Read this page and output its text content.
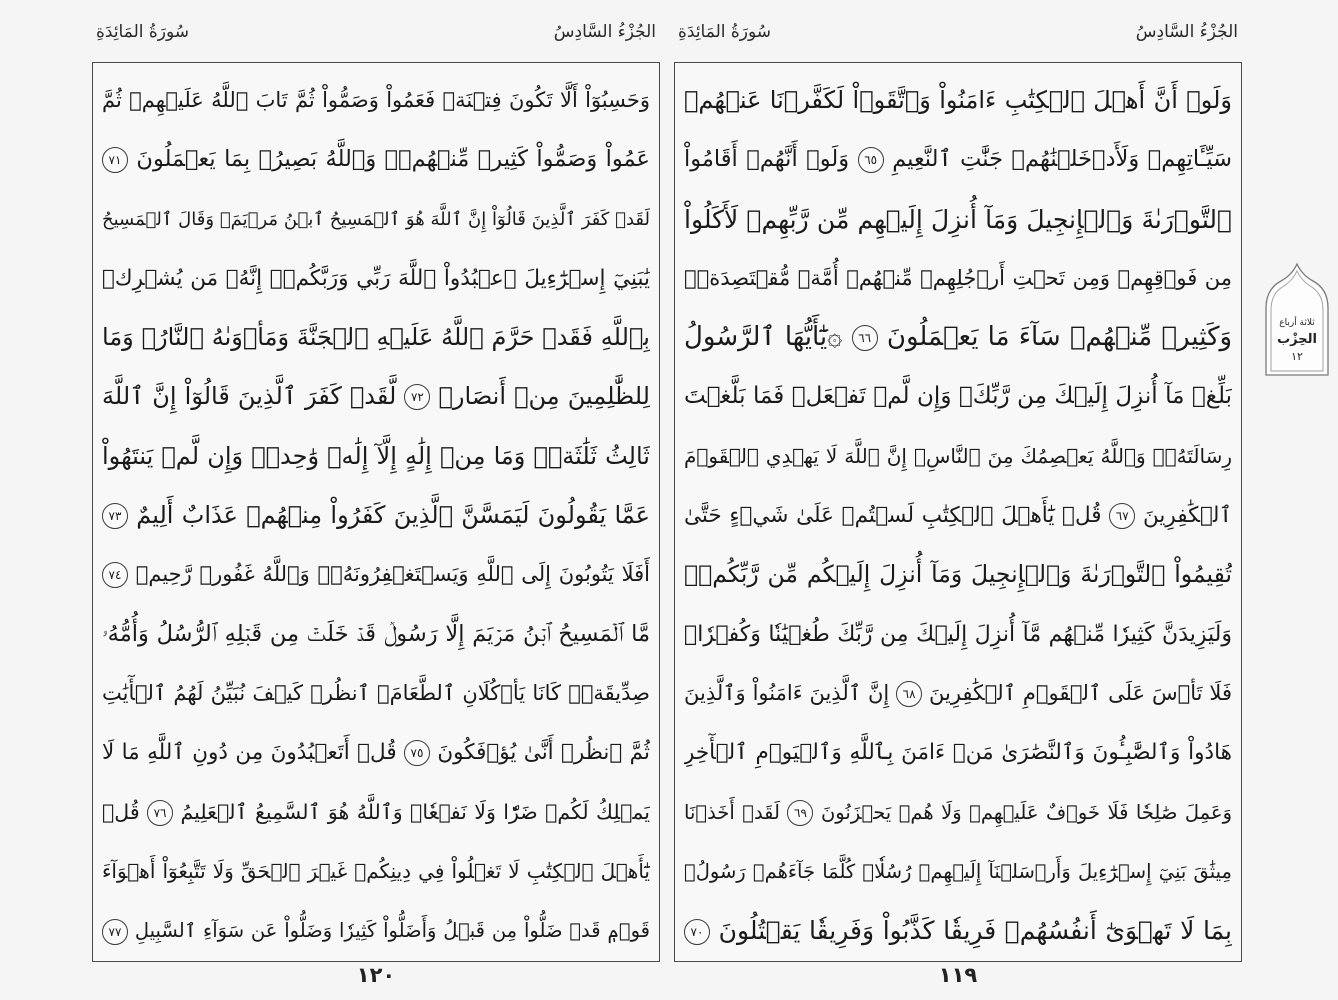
سُورَةُ المَائِدَةِ	الجُزْءُ السَّادِسُ
وَحَسِبُوٓاْ أَلَّا تَكُونَ فِتۡنَةٞ فَعَمُواْ وَصَمُّواْ ثُمَّ تَابَ ٱللَّهُ عَلَيۡهِمۡ ثُمَّ
عَمُواْ وَصَمُّواْ كَثِيرٞ مِّنۡهُمۡۚ وَٱللَّهُ بَصِيرُۢ بِمَا يَعۡمَلُونَ ٧١
لَقَدۡ كَفَرَ ٱلَّذِينَ قَالُوٓاْ إِنَّ ٱللَّهَ هُوَ ٱلۡمَسِيحُ ٱبۡنُ مَرۡيَمَۖ وَقَالَ ٱلۡمَسِيحُ
يَٰبَنِيٓ إِسۡرَٰٓءِيلَ ٱعۡبُدُواْ ٱللَّهَ رَبِّي وَرَبَّكُمۡۖ إِنَّهُۥ مَن يُشۡرِكۡ
بِٱللَّهِ فَقَدۡ حَرَّمَ ٱللَّهُ عَلَيۡهِ ٱلۡجَنَّةَ وَمَأۡوَىٰهُ ٱلنَّارُۖ وَمَا
لِلظَّٰلِمِينَ مِنۡ أَنصَارٖ ٧٢ لَّقَدۡ كَفَرَ ٱلَّذِينَ قَالُوٓاْ إِنَّ ٱللَّهَ
ثَالِثُ ثَلَٰثَةٖۘ وَمَا مِنۡ إِلَٰهٍ إِلَّآ إِلَٰهٞ وَٰحِدٞۚ وَإِن لَّمۡ يَنتَهُواْ
عَمَّا يَقُولُونَ لَيَمَسَّنَّ ٱلَّذِينَ كَفَرُواْ مِنۡهُمۡ عَذَابٌ أَلِيمٌ ٧٣
أَفَلَا يَتُوبُونَ إِلَى ٱللَّهِ وَيَسۡتَغۡفِرُونَهُۥۚ وَٱللَّهُ غَفُورٞ رَّحِيمٞ ٧٤
مَّا ٱلۡمَسِيحُ ٱبۡنُ مَرۡيَمَ إِلَّا رَسُولٞ قَدۡ خَلَتۡ مِن قَبۡلِهِ ٱلرُّسُلُ وَأُمُّهُۥ
صِدِّيقَةٞۖ كَانَا يَأۡكُلَانِ ٱلطَّعَامَۗ ٱنظُرۡ كَيۡفَ نُبَيِّنُ لَهُمُ ٱلۡأٓيَٰتِ
ثُمَّ ٱنظُرۡ أَنَّىٰ يُؤۡفَكُونَ ٧٥ قُلۡ أَتَعۡبُدُونَ مِن دُونِ ٱللَّهِ مَا لَا
يَمۡلِكُ لَكُمۡ ضَرّٗا وَلَا نَفۡعٗاۚ وَٱللَّهُ هُوَ ٱلسَّمِيعُ ٱلۡعَلِيمُ ٧٦ قُلۡ
يَٰٓأَهۡلَ ٱلۡكِتَٰبِ لَا تَغۡلُواْ فِي دِينِكُمۡ غَيۡرَ ٱلۡحَقِّ وَلَا تَتَّبِعُوٓاْ أَهۡوَآءَ
قَوۡمٖ قَدۡ ضَلُّواْ مِن قَبۡلُ وَأَضَلُّواْ كَثِيرٗا وَضَلُّواْ عَن سَوَآءِ ٱلسَّبِيلِ ٧٧
١٢٠
سُورَةُ المَائِدَةِ	الجُزْءُ السَّادِسُ
وَلَوۡ أَنَّ أَهۡلَ ٱلۡكِتَٰبِ ءَامَنُواْ وَٱتَّقَوۡاْ لَكَفَّرۡنَا عَنۡهُمۡ
سَيِّـَٔاتِهِمۡ وَلَأَدۡخَلۡنَٰهُمۡ جَنَّٰتِ ٱلنَّعِيمِ ٦٥ وَلَوۡ أَنَّهُمۡ أَقَامُواْ
ٱلتَّوۡرَىٰةَ وَٱلۡإِنجِيلَ وَمَآ أُنزِلَ إِلَيۡهِم مِّن رَّبِّهِمۡ لَأَكَلُواْ
مِن فَوۡقِهِمۡ وَمِن تَحۡتِ أَرۡجُلِهِمۚ مِّنۡهُمۡ أُمَّةٞ مُّقۡتَصِدَةٞۖ
وَكَثِيرٞ مِّنۡهُمۡ سَآءَ مَا يَعۡمَلُونَ ٦٦ ۞يَٰٓأَيُّهَا ٱلرَّسُولُ
بَلِّغۡ مَآ أُنزِلَ إِلَيۡكَ مِن رَّبِّكَۖ وَإِن لَّمۡ تَفۡعَلۡ فَمَا بَلَّغۡتَ
رِسَالَتَهُۥۚ وَٱللَّهُ يَعۡصِمُكَ مِنَ ٱلنَّاسِۗ إِنَّ ٱللَّهَ لَا يَهۡدِي ٱلۡقَوۡمَ
ٱلۡكَٰفِرِينَ ٦٧ قُلۡ يَٰٓأَهۡلَ ٱلۡكِتَٰبِ لَسۡتُمۡ عَلَىٰ شَيۡءٍ حَتَّىٰ
تُقِيمُواْ ٱلتَّوۡرَىٰةَ وَٱلۡإِنجِيلَ وَمَآ أُنزِلَ إِلَيۡكُم مِّن رَّبِّكُمۡۗ
وَلَيَزِيدَنَّ كَثِيرٗا مِّنۡهُم مَّآ أُنزِلَ إِلَيۡكَ مِن رَّبِّكَ طُغۡيَٰنٗا وَكُفۡرٗاۖ
فَلَا تَأۡسَ عَلَى ٱلۡقَوۡمِ ٱلۡكَٰفِرِينَ ٦٨ إِنَّ ٱلَّذِينَ ءَامَنُواْ وَٱلَّذِينَ
هَادُواْ وَٱلصَّٰبِـُٔونَ وَٱلنَّصَٰرَىٰ مَنۡ ءَامَنَ بِٱللَّهِ وَٱلۡيَوۡمِ ٱلۡأٓخِرِ
وَعَمِلَ صَٰلِحٗا فَلَا خَوۡفٌ عَلَيۡهِمۡ وَلَا هُمۡ يَحۡزَنُونَ ٦٩ لَقَدۡ أَخَذۡنَا
مِيثَٰقَ بَنِيٓ إِسۡرَٰٓءِيلَ وَأَرۡسَلۡنَآ إِلَيۡهِمۡ رُسُلٗاۖ كُلَّمَا جَآءَهُمۡ رَسُولُۢ
بِمَا لَا تَهۡوَىٰٓ أَنفُسُهُمۡ فَرِيقٗا كَذَّبُواْ وَفَرِيقٗا يَقۡتُلُونَ ٧٠
١١٩
ثلاثة أرباع
الحِزْب
١٢
